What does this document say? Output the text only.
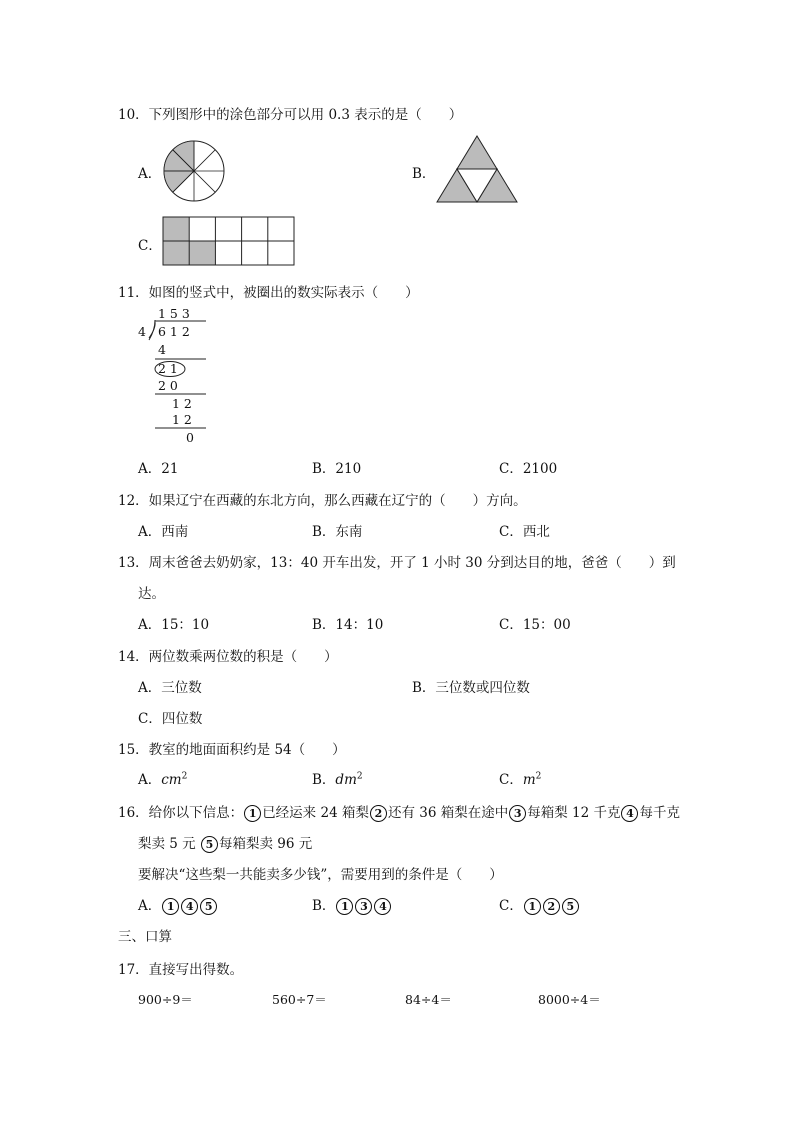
10．下列图形中的涂色部分可以用 0.3 表示的是（　　）
A．	B．
C．
11．如图的竖式中，被圈出的数实际表示（　　）
1 5 3
4 6 1 2
4
2 1
2 0
1 2
1 2
0
A．21	B．210	C．2100
12．如果辽宁在西藏的东北方向，那么西藏在辽宁的（　　）方向。
A．西南	B．东南	C．西北
13．周末爸爸去奶奶家，13：40 开车出发，开了 1 小时 30 分到达目的地，爸爸（　　）到
达。
A．15：10	B．14：10	C．15：00
14．两位数乘两位数的积是（　　）
A．三位数	B．三位数或四位数
C．四位数
15．教室的地面面积约是 54（　　）
A．$cm^2$	B．$dm^2$	C．$m^2$
16．给你以下信息： 1 已经运来 24 箱梨 2 还有 36 箱梨在途中 3 每箱梨 12 千克 4 每千克
梨卖 5 元 5 每箱梨卖 96 元
要解决“这些梨一共能卖多少钱”，需要用到的条件是（　　）
A． 1 4 5	B． 1 3 4	C． 1 2 5
三、口算
17．直接写出得数。
900÷9＝	560÷7＝	84÷4＝	8000÷4＝
